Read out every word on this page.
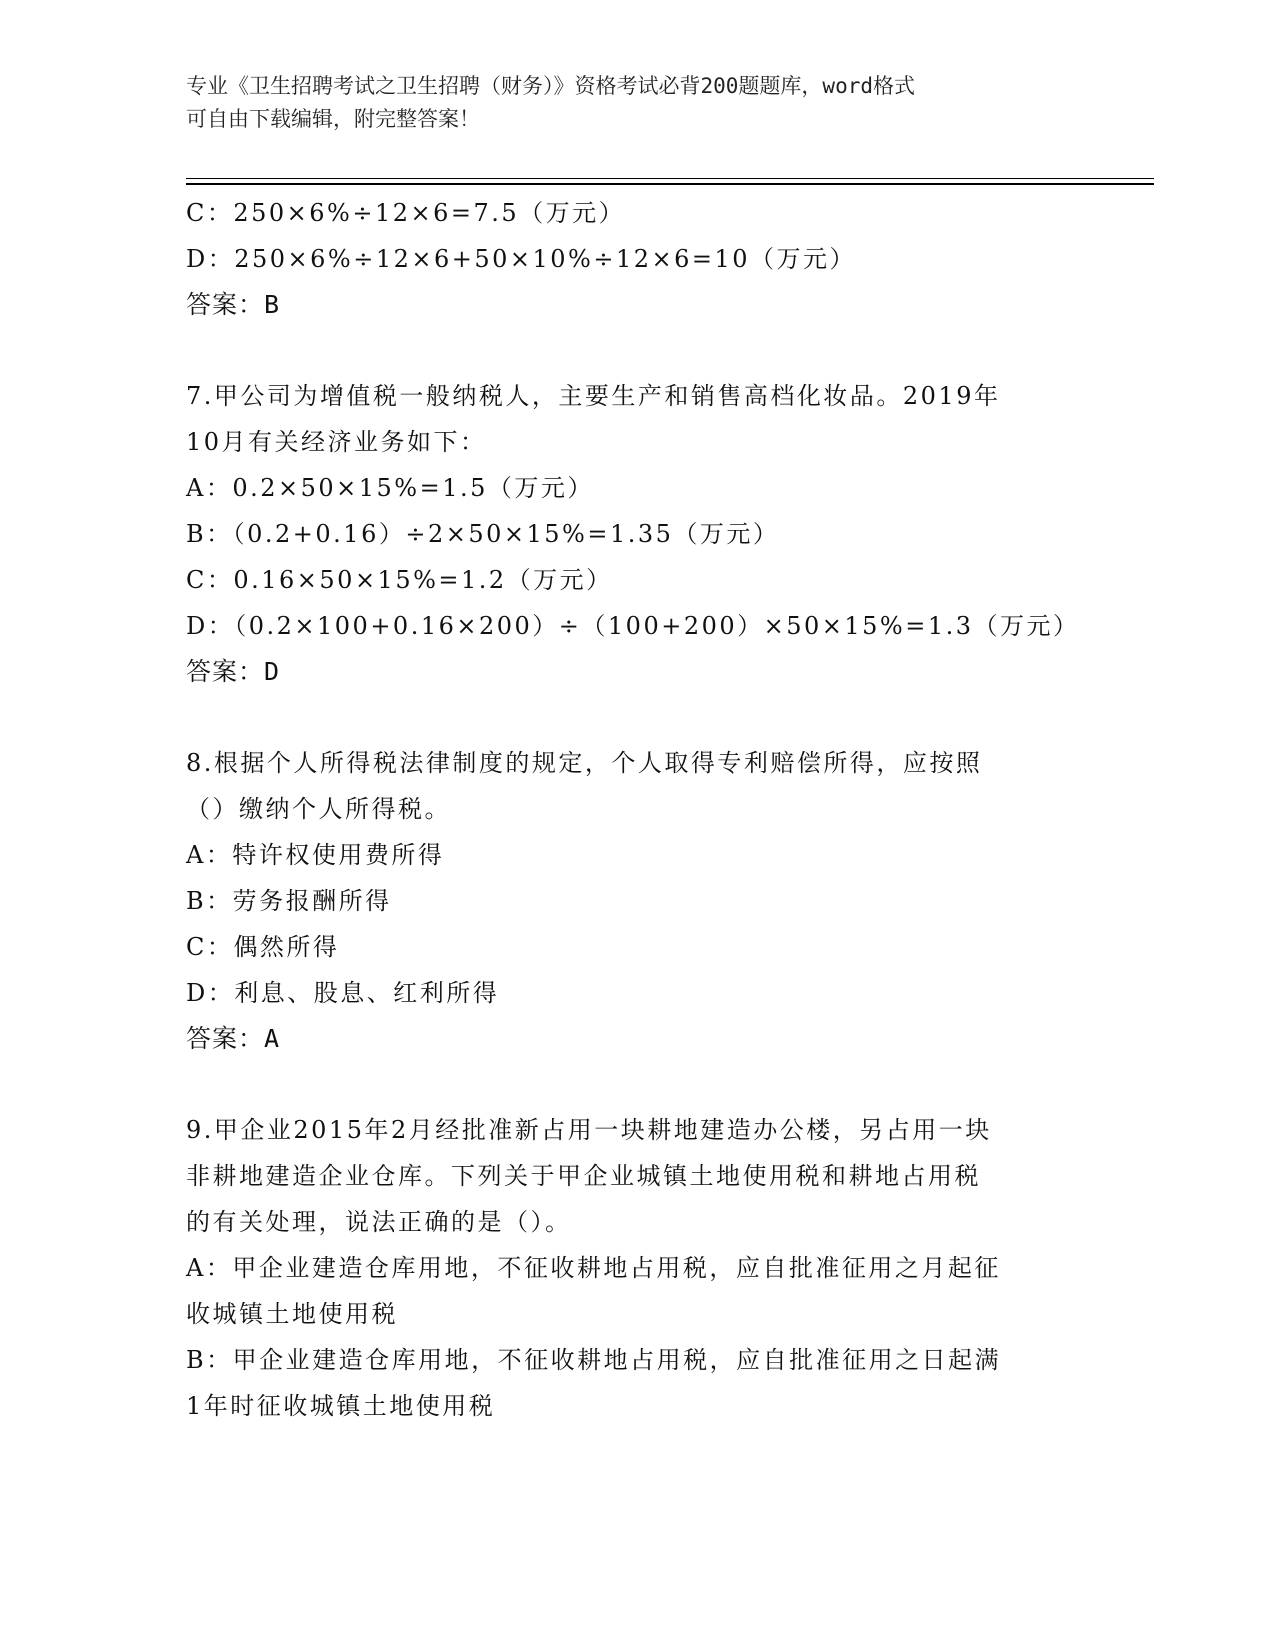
专业《卫生招聘考试之卫生招聘（财务）》资格考试必背200题题库，word格式
可自由下载编辑，附完整答案！
C：250×6%÷12×6=7.5（万元）
D：250×6%÷12×6+50×10%÷12×6=10（万元）
答案：B
7.甲公司为增值税一般纳税人，主要生产和销售高档化妆品。2019年
10月有关经济业务如下：
A：0.2×50×15%=1.5（万元）
B：（0.2+0.16）÷2×50×15%=1.35（万元）
C：0.16×50×15%=1.2（万元）
D：（0.2×100+0.16×200）÷（100+200）×50×15%=1.3（万元）
答案：D
8.根据个人所得税法律制度的规定，个人取得专利赔偿所得，应按照
（）缴纳个人所得税。
A：特许权使用费所得
B：劳务报酬所得
C：偶然所得
D：利息、股息、红利所得
答案：A
9.甲企业2015年2月经批准新占用一块耕地建造办公楼，另占用一块
非耕地建造企业仓库。下列关于甲企业城镇土地使用税和耕地占用税
的有关处理，说法正确的是（）。
A：甲企业建造仓库用地，不征收耕地占用税，应自批准征用之月起征
收城镇土地使用税
B：甲企业建造仓库用地，不征收耕地占用税，应自批准征用之日起满
1年时征收城镇土地使用税
